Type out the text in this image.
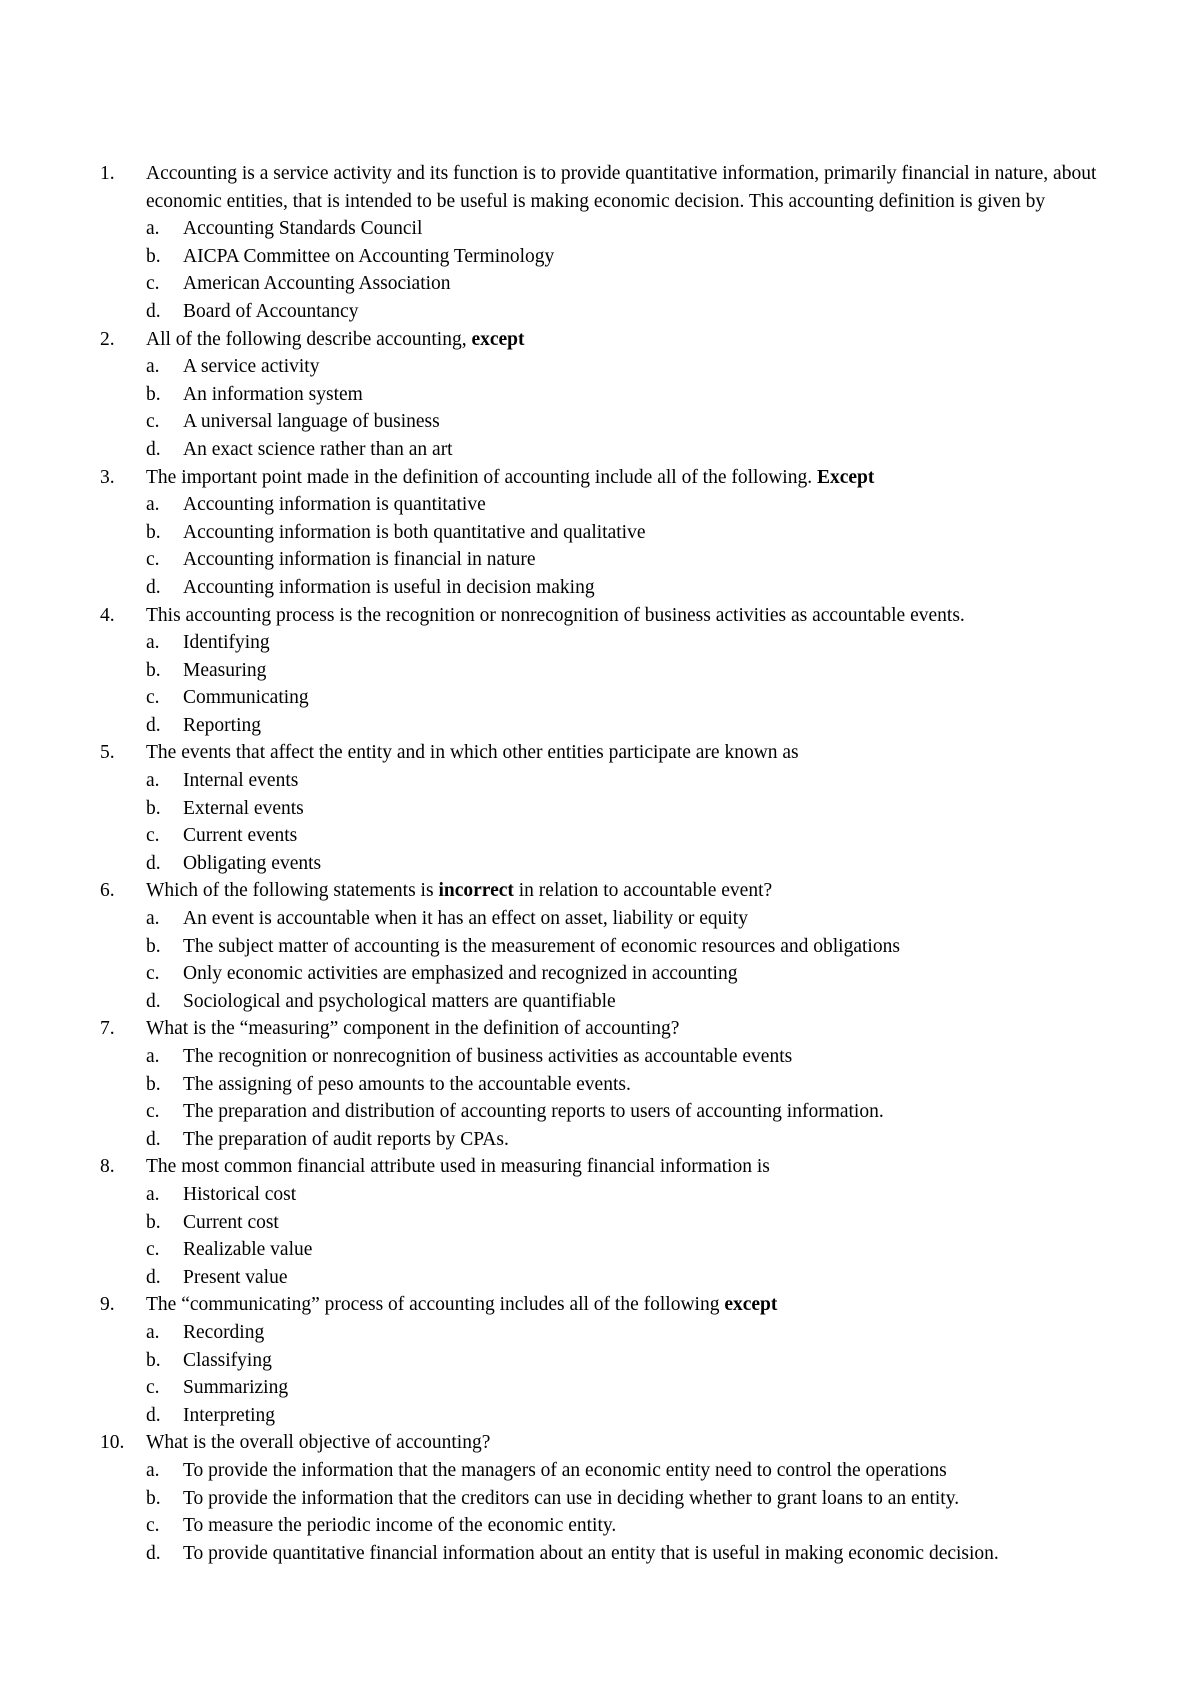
1.	Accounting is a service activity and its function is to provide quantitative information, primarily financial in nature, about economic entities, that is intended to be useful is making economic decision. This accounting definition is given by
a.	Accounting Standards Council
b.	AICPA Committee on Accounting Terminology
c.	American Accounting Association
d.	Board of Accountancy
2.	All of the following describe accounting, except
a.	A service activity
b.	An information system
c.	A universal language of business
d.	An exact science rather than an art
3.	The important point made in the definition of accounting include all of the following. Except
a.	Accounting information is quantitative
b.	Accounting information is both quantitative and qualitative
c.	Accounting information is financial in nature
d.	Accounting information is useful in decision making
4.	This accounting process is the recognition or nonrecognition of business activities as accountable events.
a.	Identifying
b.	Measuring
c.	Communicating
d.	Reporting
5.	The events that affect the entity and in which other entities participate are known as
a.	Internal events
b.	External events
c.	Current events
d.	Obligating events
6.	Which of the following statements is incorrect in relation to accountable event?
a.	An event is accountable when it has an effect on asset, liability or equity
b.	The subject matter of accounting is the measurement of economic resources and obligations
c.	Only economic activities are emphasized and recognized in accounting
d.	Sociological and psychological matters are quantifiable
7.	What is the “measuring” component in the definition of accounting?
a.	The recognition or nonrecognition of business activities as accountable events
b.	The assigning of peso amounts to the accountable events.
c.	The preparation and distribution of accounting reports to users of accounting information.
d.	The preparation of audit reports by CPAs.
8.	The most common financial attribute used in measuring financial information is
a.	Historical cost
b.	Current cost
c.	Realizable value
d.	Present value
9.	The “communicating” process of accounting includes all of the following except
a.	Recording
b.	Classifying
c.	Summarizing
d.	Interpreting
10.	What is the overall objective of accounting?
a.	To provide the information that the managers of an economic entity need to control the operations
b.	To provide the information that the creditors can use in deciding whether to grant loans to an entity.
c.	To measure the periodic income of the economic entity.
d.	To provide quantitative financial information about an entity that is useful in making economic decision.
